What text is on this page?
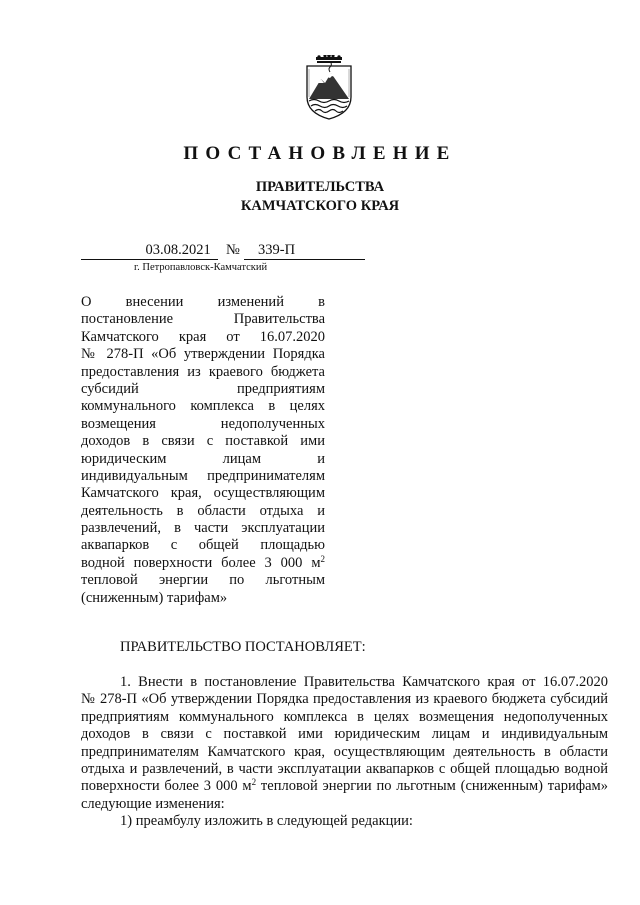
ПОСТАНОВЛЕНИЕ
ПРАВИТЕЛЬСТВА
КАМЧАТСКОГО КРАЯ
03.08.2021	№	339-П
г. Петропавловск-Камчатский
О внесении изменений в
постановление Правительства
Камчатского края от 16.07.2020
№ 278-П «Об утверждении Порядка
предоставления из краевого бюджета
субсидий предприятиям
коммунального комплекса в целях
возмещения недополученных
доходов в связи с поставкой ими
юридическим лицам и
индивидуальным предпринимателям
Камчатского края, осуществляющим
деятельность в области отдыха и
развлечений, в части эксплуатации
аквапарков с общей площадью
водной поверхности более 3 000 $м^2$
тепловой энергии по льготным
(сниженным) тарифам»
ПРАВИТЕЛЬСТВО ПОСТАНОВЛЯЕТ:
1. Внести в постановление Правительства Камчатского края от 16.07.2020
№ 278-П «Об утверждении Порядка предоставления из краевого бюджета субсидий
предприятиям коммунального комплекса в целях возмещения недополученных
доходов в связи с поставкой ими юридическим лицам и индивидуальным
предпринимателям Камчатского края, осуществляющим деятельность в области
отдыха и развлечений, в части эксплуатации аквапарков с общей площадью водной
поверхности более 3 000 $м^2$ тепловой энергии по льготным (сниженным) тарифам»
следующие изменения:
1) преамбулу изложить в следующей редакции:
